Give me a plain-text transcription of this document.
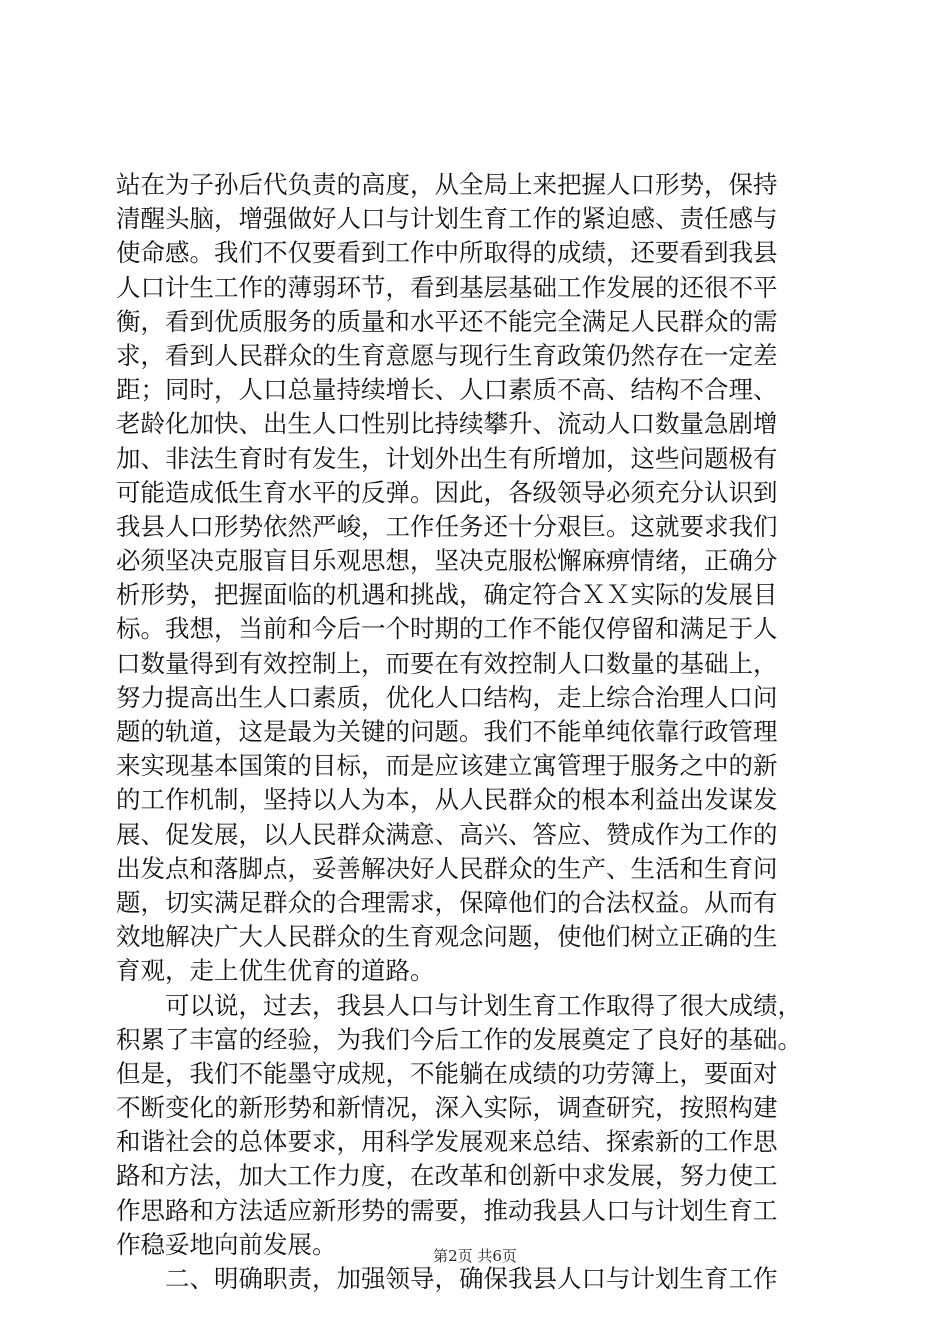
站在为子孙后代负责的高度，从全局上来把握人口形势，保持
清醒头脑，增强做好人口与计划生育工作的紧迫感、责任感与
使命感。我们不仅要看到工作中所取得的成绩，还要看到我县
人口计生工作的薄弱环节，看到基层基础工作发展的还很不平
衡，看到优质服务的质量和水平还不能完全满足人民群众的需
求，看到人民群众的生育意愿与现行生育政策仍然存在一定差
距；同时，人口总量持续增长、人口素质不高、结构不合理、
老龄化加快、出生人口性别比持续攀升、流动人口数量急剧增
加、非法生育时有发生，计划外出生有所增加，这些问题极有
可能造成低生育水平的反弹。因此，各级领导必须充分认识到
我县人口形势依然严峻，工作任务还十分艰巨。这就要求我们
必须坚决克服盲目乐观思想，坚决克服松懈麻痹情绪，正确分
析形势，把握面临的机遇和挑战，确定符合ＸＸ实际的发展目
标。我想，当前和今后一个时期的工作不能仅停留和满足于人
口数量得到有效控制上，而要在有效控制人口数量的基础上，
努力提高出生人口素质，优化人口结构，走上综合治理人口问
题的轨道，这是最为关键的问题。我们不能单纯依靠行政管理
来实现基本国策的目标，而是应该建立寓管理于服务之中的新
的工作机制，坚持以人为本，从人民群众的根本利益出发谋发
展、促发展，以人民群众满意、高兴、答应、赞成作为工作的
出发点和落脚点，妥善解决好人民群众的生产、生活和生育问
题，切实满足群众的合理需求，保障他们的合法权益。从而有
效地解决广大人民群众的生育观念问题，使他们树立正确的生
育观，走上优生优育的道路。
　　可以说，过去，我县人口与计划生育工作取得了很大成绩，
积累了丰富的经验，为我们今后工作的发展奠定了良好的基础。
但是，我们不能墨守成规，不能躺在成绩的功劳簿上，要面对
不断变化的新形势和新情况，深入实际，调查研究，按照构建
和谐社会的总体要求，用科学发展观来总结、探索新的工作思
路和方法，加大工作力度，在改革和创新中求发展，努力使工
作思路和方法适应新形势的需要，推动我县人口与计划生育工
作稳妥地向前发展。
　　二、明确职责，加强领导，确保我县人口与计划生育工作
第2页 共6页
